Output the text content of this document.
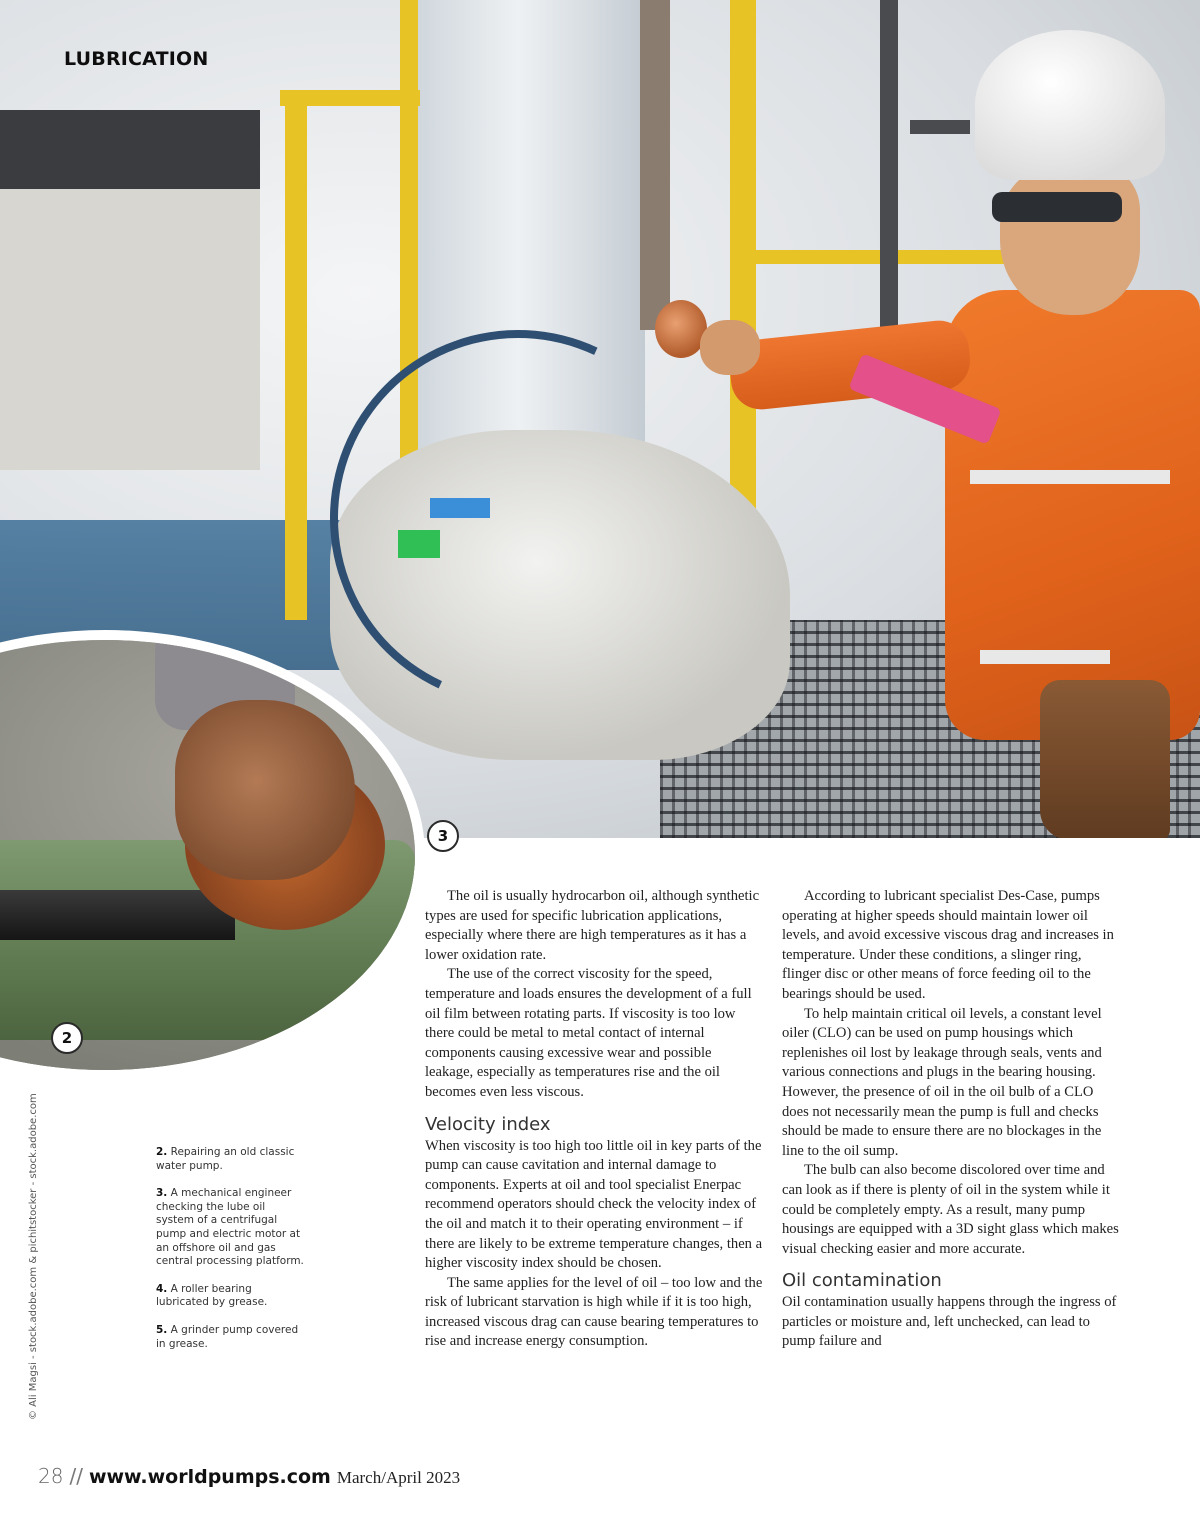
LUBRICATION
3
2

© Ali Magsi - stock.adobe.com & pichitstocker - stock.adobe.com	2. Repairing an old classic water pump.
3. A mechanical engineer checking the lube oil system of a centrifugal pump and electric motor at an offshore oil and gas central processing platform.
4. A roller bearing lubricated by grease.
5. A grinder pump covered in grease.

The oil is usually hydrocarbon oil, although synthetic types are used for specific lubrication applications, especially where there are high temperatures as it has a lower oxidation rate.

The use of the correct viscosity for the speed, temperature and loads ensures the development of a full oil film between rotating parts. If viscosity is too low there could be metal to metal contact of internal components causing excessive wear and possible leakage, especially as temperatures rise and the oil becomes even less viscous.

Velocity index

When viscosity is too high too little oil in key parts of the pump can cause cavitation and internal damage to components. Experts at oil and tool specialist Enerpac recommend operators should check the velocity index of the oil and match it to their operating environment – if there are likely to be extreme temperature changes, then a higher viscosity index should be chosen.

The same applies for the level of oil – too low and the risk of lubricant starvation is high while if it is too high, increased viscous drag can cause bearing temperatures to rise and increase energy consumption.

According to lubricant specialist Des-Case, pumps operating at higher speeds should maintain lower oil levels, and avoid excessive viscous drag and increases in temperature. Under these conditions, a slinger ring, flinger disc or other means of force feeding oil to the bearings should be used.

To help maintain critical oil levels, a constant level oiler (CLO) can be used on pump housings which replenishes oil lost by leakage through seals, vents and various connections and plugs in the bearing housing. However, the presence of oil in the oil bulb of a CLO does not necessarily mean the pump is full and checks should be made to ensure there are no blockages in the line to the oil sump.

The bulb can also become discolored over time and can look as if there is plenty of oil in the system while it could be completely empty. As a result, many pump housings are equipped with a 3D sight glass which makes visual checking easier and more accurate.

Oil contamination

Oil contamination usually happens through the ingress of particles or moisture and, left unchecked, can lead to pump failure and

28 // www.worldpumps.com March/April 2023
